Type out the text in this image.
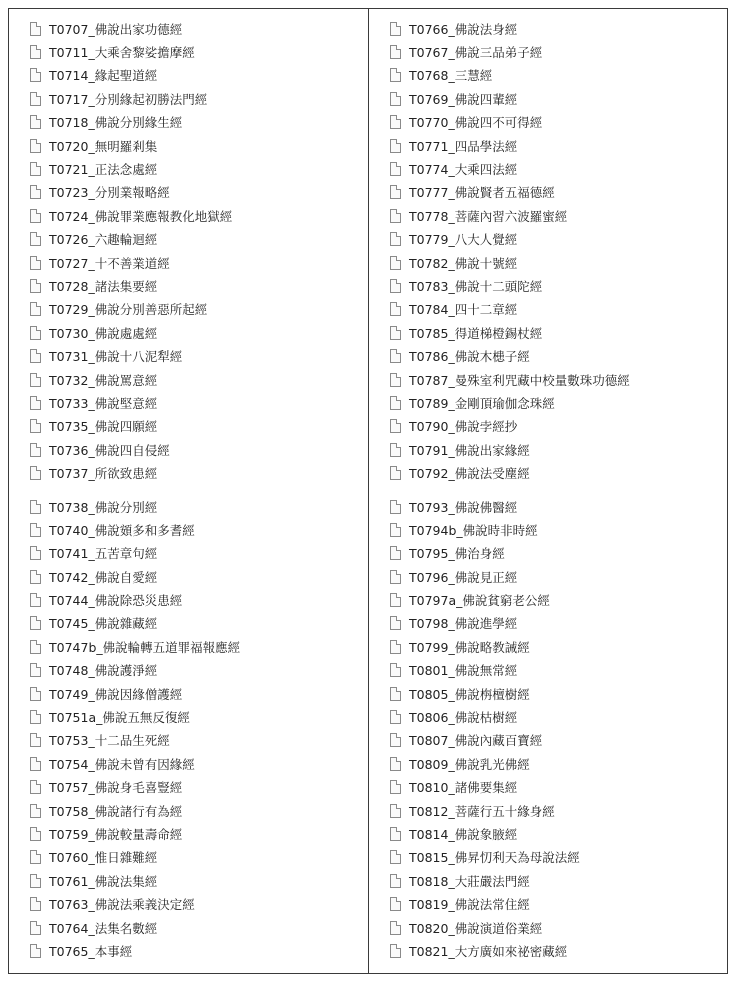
T0707_佛說出家功德經
T0711_大乘舍黎娑擔摩經
T0714_緣起聖道經
T0717_分別緣起初勝法門經
T0718_佛說分別緣生經
T0720_無明羅剎集
T0721_正法念處經
T0723_分別業報略經
T0724_佛說罪業應報教化地獄經
T0726_六趣輪迴經
T0727_十不善業道經
T0728_諸法集要經
T0729_佛說分別善惡所起經
T0730_佛說處處經
T0731_佛說十八泥犁經
T0732_佛說罵意經
T0733_佛說堅意經
T0735_佛說四願經
T0736_佛說四自侵經
T0737_所欲致患經
T0738_佛說分別經
T0740_佛說頞多和多耆經
T0741_五苦章句經
T0742_佛說自愛經
T0744_佛說除恐災患經
T0745_佛說雜藏經
T0747b_佛說輪轉五道罪福報應經
T0748_佛說護淨經
T0749_佛說因緣僧護經
T0751a_佛說五無反復經
T0753_十二品生死經
T0754_佛說未曾有因緣經
T0757_佛說身毛喜豎經
T0758_佛說諸行有為經
T0759_佛說較量壽命經
T0760_惟日雜難經
T0761_佛說法集經
T0763_佛說法乘義決定經
T0764_法集名數經
T0765_本事經
T0766_佛說法身經
T0767_佛說三品弟子經
T0768_三慧經
T0769_佛說四輩經
T0770_佛說四不可得經
T0771_四品學法經
T0774_大乘四法經
T0777_佛說賢者五福德經
T0778_菩薩內習六波羅蜜經
T0779_八大人覺經
T0782_佛說十號經
T0783_佛說十二頭陀經
T0784_四十二章經
T0785_得道梯橙錫杖經
T0786_佛說木槵子經
T0787_曼殊室利咒藏中校量數珠功德經
T0789_金剛頂瑜伽念珠經
T0790_佛說孛經抄
T0791_佛說出家緣經
T0792_佛說法受塵經
T0793_佛說佛醫經
T0794b_佛說時非時經
T0795_佛治身經
T0796_佛說見正經
T0797a_佛說貧窮老公經
T0798_佛說進學經
T0799_佛說略教誡經
T0801_佛說無常經
T0805_佛說栴檀樹經
T0806_佛說枯樹經
T0807_佛說內藏百寶經
T0809_佛說乳光佛經
T0810_諸佛要集經
T0812_菩薩行五十緣身經
T0814_佛說象腋經
T0815_佛昇忉利天為母說法經
T0818_大莊嚴法門經
T0819_佛說法常住經
T0820_佛說演道俗業經
T0821_大方廣如來祕密藏經
